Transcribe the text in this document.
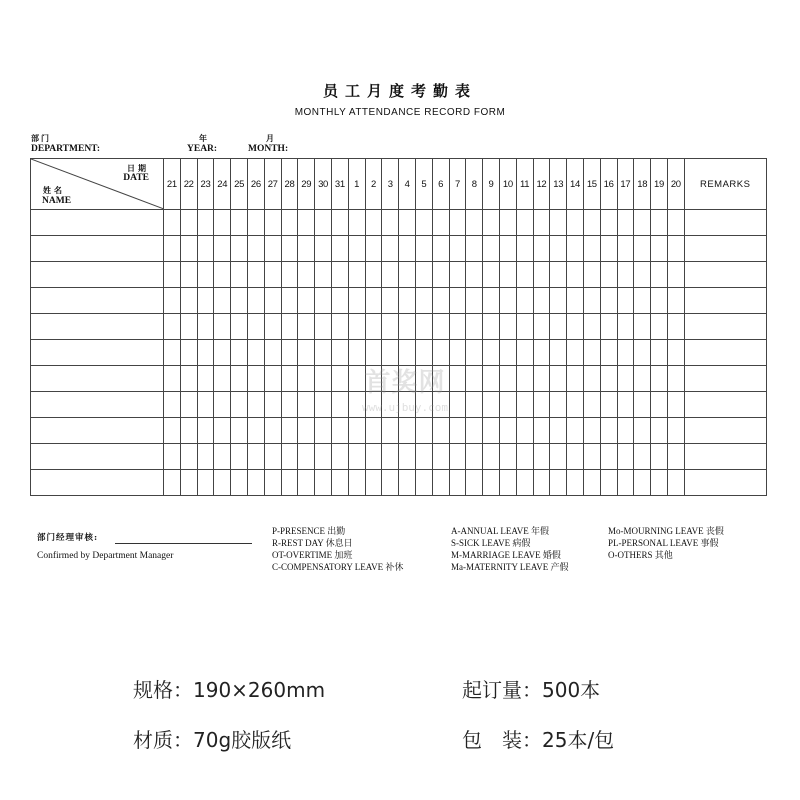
员工月度考勤表
MONTHLY ATTENDANCE RECORD FORM
部门
DEPARTMENT:
年
YEAR:
月
MONTH:
日期
DATE
姓名
NAME	21	22	23	24	25	26	27	28	29	30	31	1	2	3	4	5	6	7	8	9	10	11	12	13	14	15	16	17	18	19	20	REMARKS

首奖网
www.ujbuy.com
部门经理审核:
Confirmed by Department Manager
P-PRESENCE 出勤
R-REST DAY 休息日
OT-OVERTIME 加班
C-COMPENSATORY LEAVE 补休
A-ANNUAL LEAVE 年假
S-SICK LEAVE 病假
M-MARRIAGE LEAVE 婚假
Ma-MATERNITY LEAVE 产假
Mo-MOURNING LEAVE 丧假
PL-PERSONAL LEAVE 事假
O-OTHERS 其他
规格：190×260mm	起订量：500本
材质：70g胶版纸	包　装：25本/包
